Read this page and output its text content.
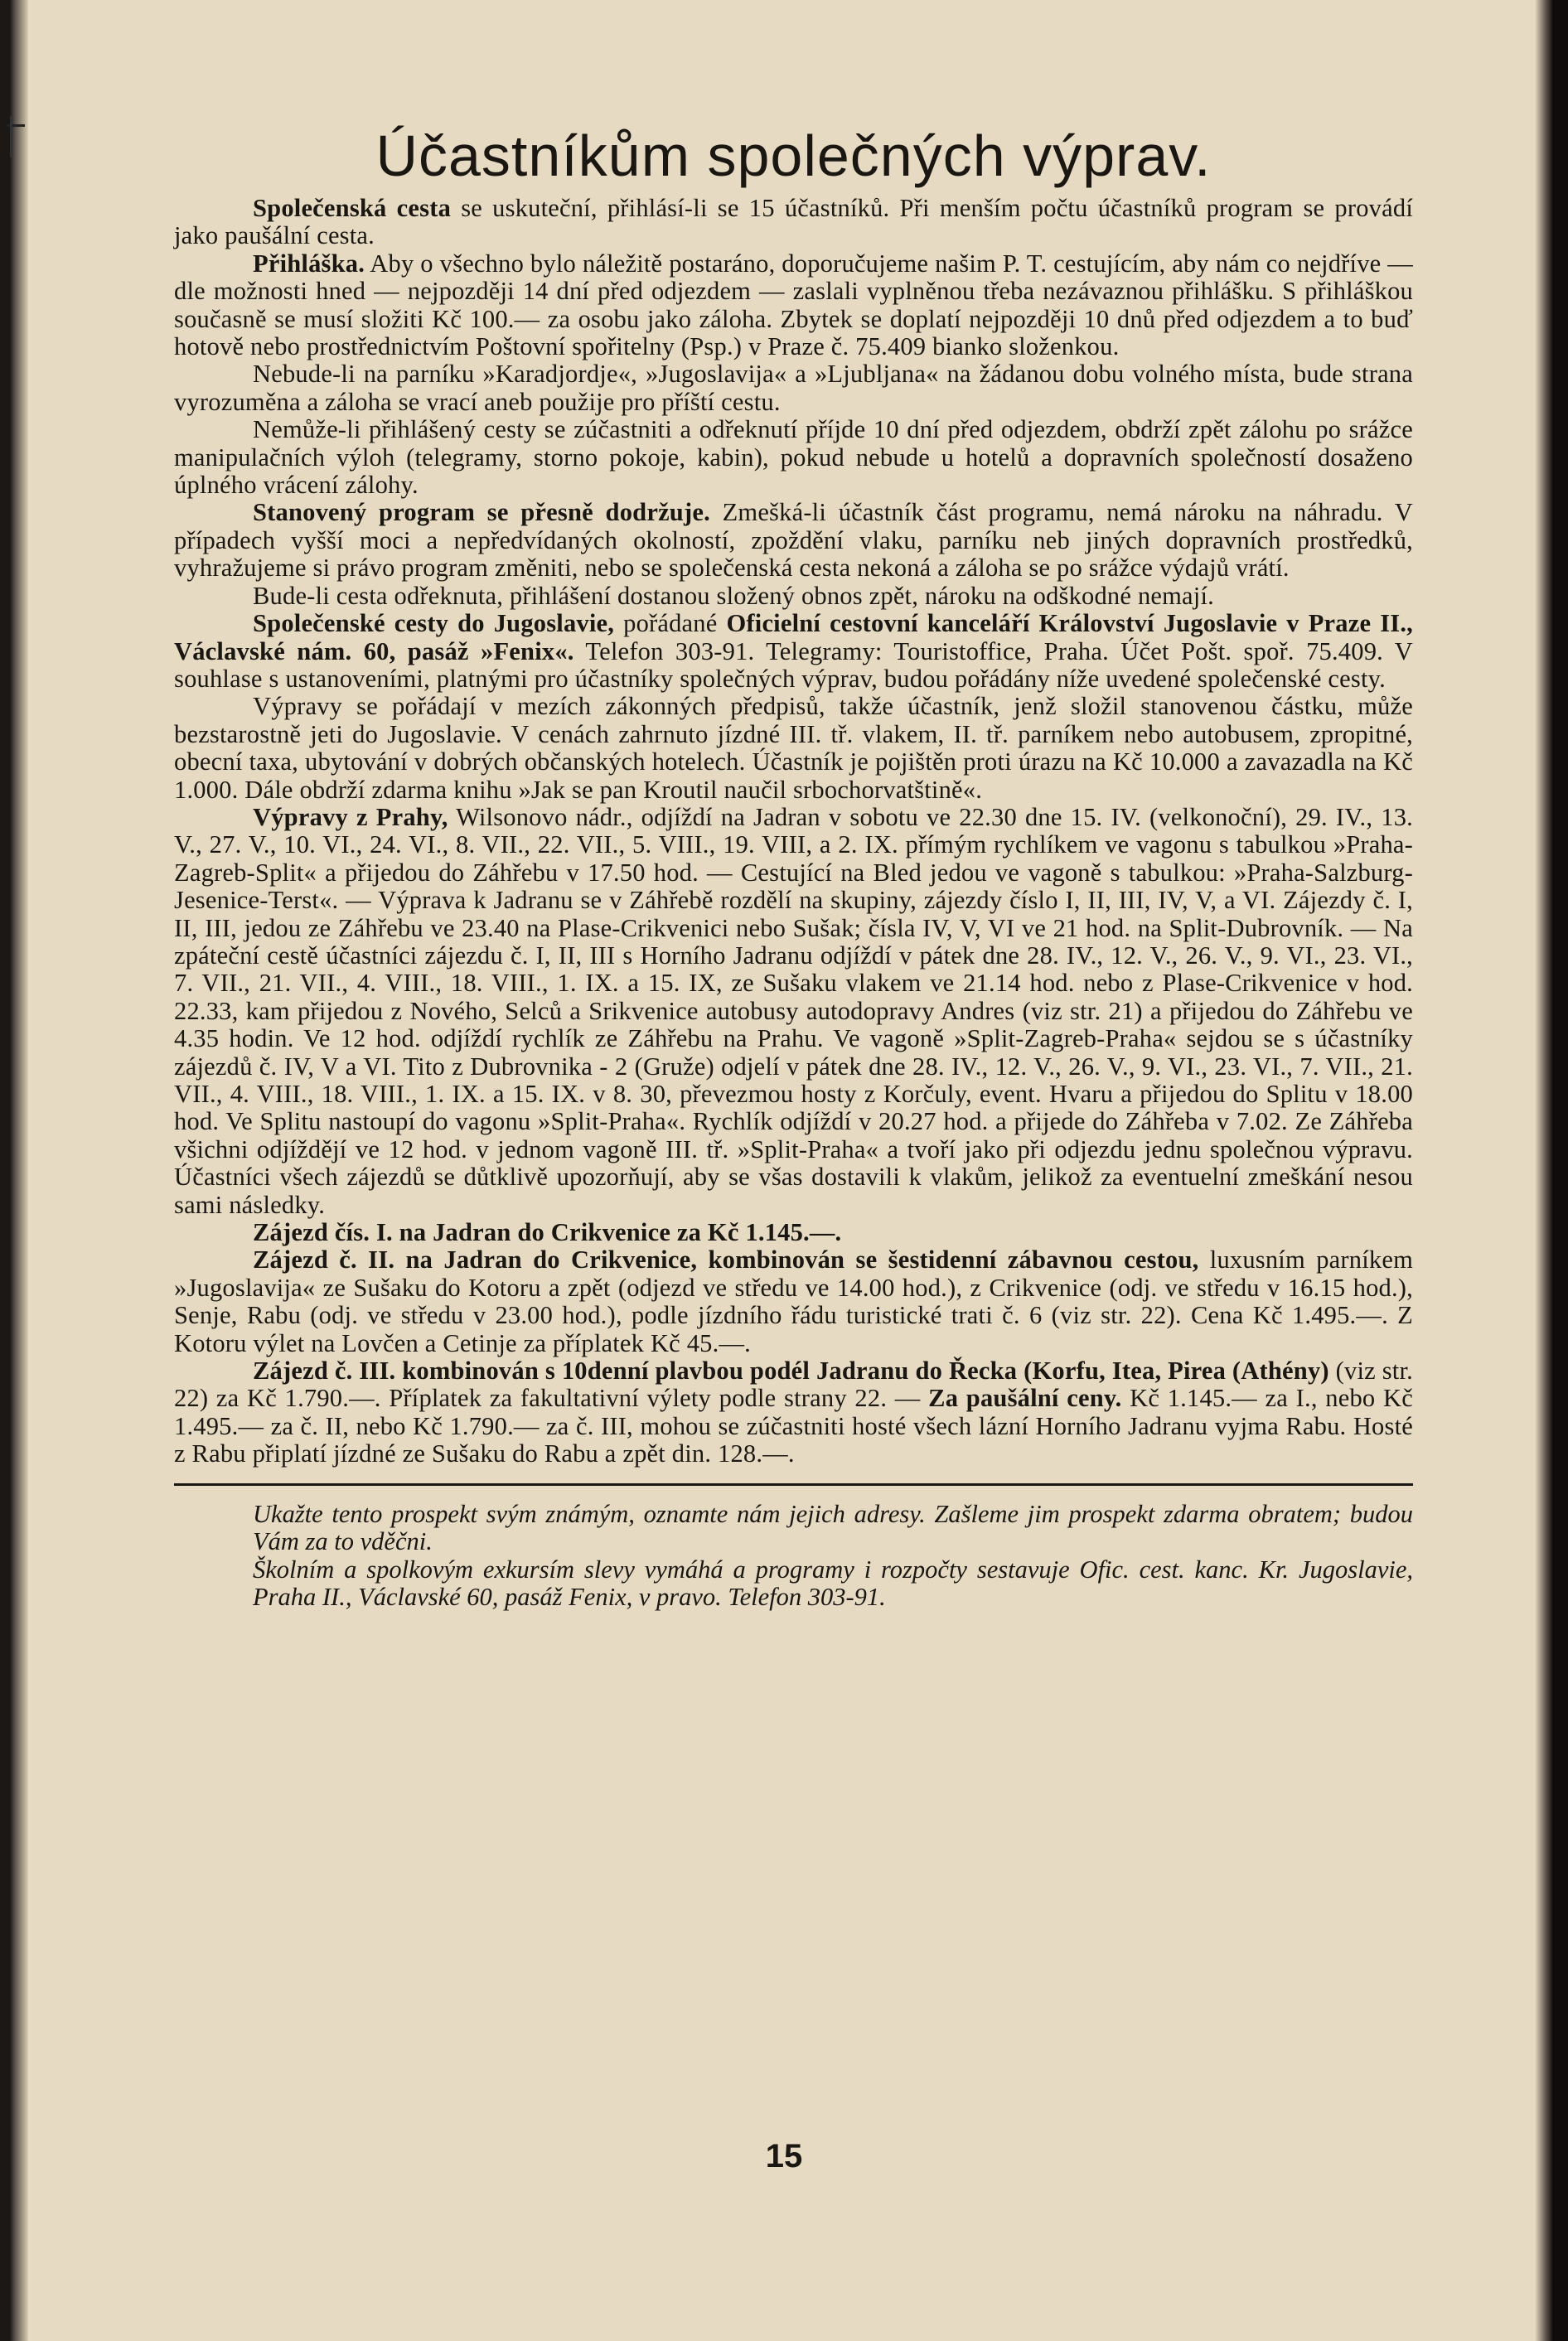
Účastníkům společných výprav.

Společenská cesta se uskuteční, přihlásí-li se 15 účastníků. Při menším počtu účastníků program se provádí jako paušální cesta.

Přihláška. Aby o všechno bylo náležitě postaráno, doporučujeme našim P. T. cestujícím, aby nám co nejdříve — dle možnosti hned — nejpozději 14 dní před odjezdem — zaslali vyplněnou třeba nezávaznou přihlášku. S přihláškou současně se musí složiti Kč 100.— za osobu jako záloha. Zbytek se doplatí nejpozději 10 dnů před odjezdem a to buď hotově nebo prostřednictvím Poštovní spořitelny (Psp.) v Praze č. 75.409 bianko složenkou.

Nebude-li na parníku »Karadjordje«, »Jugoslavija« a »Ljubljana« na žádanou dobu volného místa, bude strana vyrozuměna a záloha se vrací aneb použije pro příští cestu.

Nemůže-li přihlášený cesty se zúčastniti a odřeknutí příjde 10 dní před odjezdem, obdrží zpět zálohu po srážce manipulačních výloh (telegramy, storno pokoje, kabin), pokud nebude u hotelů a dopravních společností dosaženo úplného vrácení zálohy.

Stanovený program se přesně dodržuje. Zmešká-li účastník část programu, nemá nároku na náhradu. V případech vyšší moci a nepředvídaných okolností, zpoždění vlaku, parníku neb jiných dopravních prostředků, vyhražujeme si právo program změniti, nebo se společenská cesta nekoná a záloha se po srážce výdajů vrátí.

Bude-li cesta odřeknuta, přihlášení dostanou složený obnos zpět, nároku na odškodné nemají.

Společenské cesty do Jugoslavie, pořádané Oficielní cestovní kanceláří Království Jugoslavie v Praze II., Václavské nám. 60, pasáž »Fenix«. Telefon 303-91. Telegramy: Touristoffice, Praha. Účet Pošt. spoř. 75.409. V souhlase s ustanoveními, platnými pro účastníky společných výprav, budou pořádány níže uvedené společenské cesty.

Výpravy se pořádají v mezích zákonných předpisů, takže účastník, jenž složil stanovenou částku, může bezstarostně jeti do Jugoslavie. V cenách zahrnuto jízdné III. tř. vlakem, II. tř. parníkem nebo autobusem, zpropitné, obecní taxa, ubytování v dobrých občanských hotelech. Účastník je pojištěn proti úrazu na Kč 10.000 a zavazadla na Kč 1.000. Dále obdrží zdarma knihu »Jak se pan Kroutil naučil srbochorvatštině«.

Výpravy z Prahy, Wilsonovo nádr., odjíždí na Jadran v sobotu ve 22.30 dne 15. IV. (velkonoční), 29. IV., 13. V., 27. V., 10. VI., 24. VI., 8. VII., 22. VII., 5. VIII., 19. VIII, a 2. IX. přímým rychlíkem ve vagonu s tabulkou »Praha-Zagreb-Split« a přijedou do Záhřebu v 17.50 hod. — Cestující na Bled jedou ve vagoně s tabulkou: »Praha-Salzburg-Jesenice-Terst«. — Výprava k Jadranu se v Záhřebě rozdělí na skupiny, zájezdy číslo I, II, III, IV, V, a VI. Zájezdy č. I, II, III, jedou ze Záhřebu ve 23.40 na Plase-Crikvenici nebo Sušak; čísla IV, V, VI ve 21 hod. na Split-Dubrovník. — Na zpáteční cestě účastníci zájezdu č. I, II, III s Horního Jadranu odjíždí v pátek dne 28. IV., 12. V., 26. V., 9. VI., 23. VI., 7. VII., 21. VII., 4. VIII., 18. VIII., 1. IX. a 15. IX, ze Sušaku vlakem ve 21.14 hod. nebo z Plase-Crikvenice v hod. 22.33, kam přijedou z Nového, Selců a Srikvenice autobusy autodopravy Andres (viz str. 21) a přijedou do Záhřebu ve 4.35 hodin. Ve 12 hod. odjíždí rychlík ze Záhřebu na Prahu. Ve vagoně »Split-Zagreb-Praha« sejdou se s účastníky zájezdů č. IV, V a VI. Tito z Dubrovnika - 2 (Gruže) odjelí v pátek dne 28. IV., 12. V., 26. V., 9. VI., 23. VI., 7. VII., 21. VII., 4. VIII., 18. VIII., 1. IX. a 15. IX. v 8. 30, převezmou hosty z Korčuly, event. Hvaru a přijedou do Splitu v 18.00 hod. Ve Splitu nastoupí do vagonu »Split-Praha«. Rychlík odjíždí v 20.27 hod. a přijede do Záhřeba v 7.02. Ze Záhřeba všichni odjíždějí ve 12 hod. v jednom vagoně III. tř. »Split-Praha« a tvoří jako při odjezdu jednu společnou výpravu. Účastníci všech zájezdů se důtklivě upozorňují, aby se všas dostavili k vlakům, jelikož za eventuelní zmeškání nesou sami následky.

Zájezd čís. I. na Jadran do Crikvenice za Kč 1.145.—.

Zájezd č. II. na Jadran do Crikvenice, kombinován se šestidenní zábavnou cestou, luxusním parníkem »Jugoslavija« ze Sušaku do Kotoru a zpět (odjezd ve středu ve 14.00 hod.), z Crikvenice (odj. ve středu v 16.15 hod.), Senje, Rabu (odj. ve středu v 23.00 hod.), podle jízdního řádu turistické trati č. 6 (viz str. 22). Cena Kč 1.495.—. Z Kotoru výlet na Lovčen a Cetinje za příplatek Kč 45.—.

Zájezd č. III. kombinován s 10denní plavbou podél Jadranu do Řecka (Korfu, Itea, Pirea (Athény) (viz str. 22) za Kč 1.790.—. Příplatek za fakultativní výlety podle strany 22. — Za paušální ceny. Kč 1.145.— za I., nebo Kč 1.495.— za č. II, nebo Kč 1.790.— za č. III, mohou se zúčastniti hosté všech lázní Horního Jadranu vyjma Rabu. Hosté z Rabu připlatí jízdné ze Sušaku do Rabu a zpět din. 128.—.

Ukažte tento prospekt svým známým, oznamte nám jejich adresy. Zašleme jim prospekt zdarma obratem; budou Vám za to vděčni.

Školním a spolkovým exkursím slevy vymáhá a programy i rozpočty sestavuje Ofic. cest. kanc. Kr. Jugoslavie, Praha II., Václavské 60, pasáž Fenix, v pravo. Telefon 303-91.

15
